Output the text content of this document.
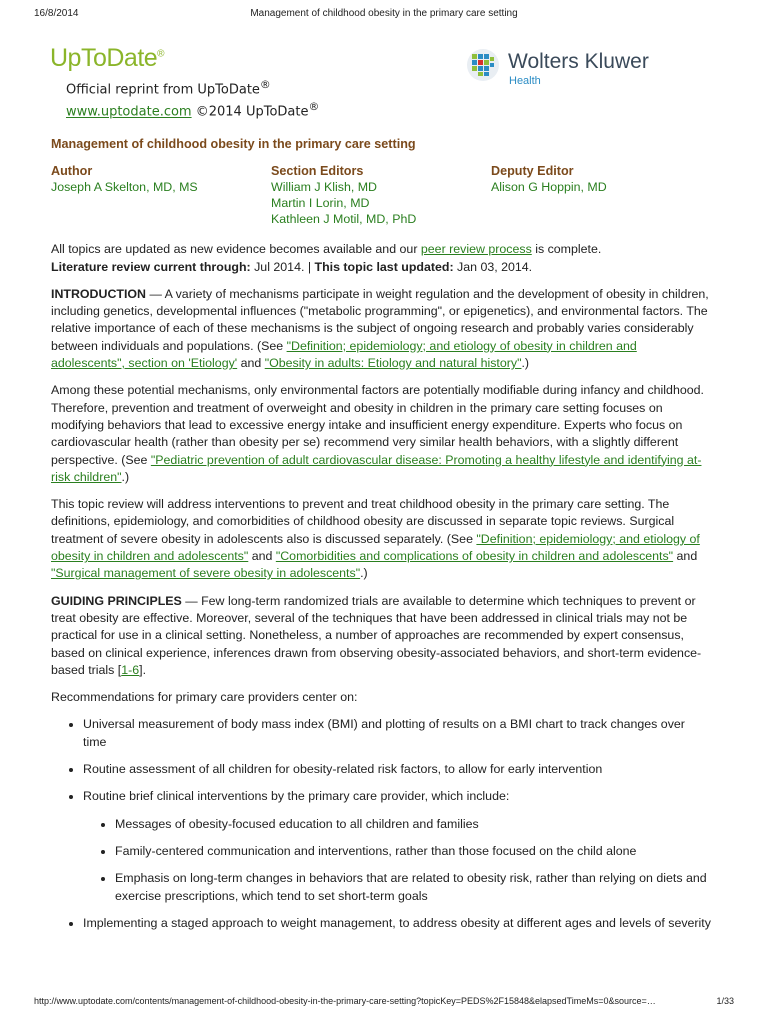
16/8/2014	Management of childhood obesity in the primary care setting
UpToDate®
Official reprint from UpToDate®
www.uptodate.com ©2014 UpToDate®
Wolters Kluwer
Health
Management of childhood obesity in the primary care setting
Author
Joseph A Skelton, MD, MS
Section Editors
William J Klish, MD
Martin I Lorin, MD
Kathleen J Motil, MD, PhD
Deputy Editor
Alison G Hoppin, MD

All topics are updated as new evidence becomes available and our peer review process is complete.
Literature review current through: Jul 2014. | This topic last updated: Jan 03, 2014.

INTRODUCTION — A variety of mechanisms participate in weight regulation and the development of obesity in children, including genetics, developmental influences ("metabolic programming", or epigenetics), and environmental factors. The relative importance of each of these mechanisms is the subject of ongoing research and probably varies considerably between individuals and populations. (See "Definition; epidemiology; and etiology of obesity in children and adolescents", section on 'Etiology' and "Obesity in adults: Etiology and natural history".)

Among these potential mechanisms, only environmental factors are potentially modifiable during infancy and childhood. Therefore, prevention and treatment of overweight and obesity in children in the primary care setting focuses on modifying behaviors that lead to excessive energy intake and insufficient energy expenditure. Experts who focus on cardiovascular health (rather than obesity per se) recommend very similar health behaviors, with a slightly different perspective. (See "Pediatric prevention of adult cardiovascular disease: Promoting a healthy lifestyle and identifying at-risk children".)

This topic review will address interventions to prevent and treat childhood obesity in the primary care setting. The definitions, epidemiology, and comorbidities of childhood obesity are discussed in separate topic reviews. Surgical treatment of severe obesity in adolescents also is discussed separately. (See "Definition; epidemiology; and etiology of obesity in children and adolescents" and "Comorbidities and complications of obesity in children and adolescents" and "Surgical management of severe obesity in adolescents".)

GUIDING PRINCIPLES — Few long-term randomized trials are available to determine which techniques to prevent or treat obesity are effective. Moreover, several of the techniques that have been addressed in clinical trials may not be practical for use in a clinical setting. Nonetheless, a number of approaches are recommended by expert consensus, based on clinical experience, inferences drawn from observing obesity-associated behaviors, and short-term evidence-based trials [1-6].

Recommendations for primary care providers center on:

• Universal measurement of body mass index (BMI) and plotting of results on a BMI chart to track changes over time
• Routine assessment of all children for obesity-related risk factors, to allow for early intervention
• Routine brief clinical interventions by the primary care provider, which include:
• Messages of obesity-focused education to all children and families
• Family-centered communication and interventions, rather than those focused on the child alone
• Emphasis on long-term changes in behaviors that are related to obesity risk, rather than relying on diets and exercise prescriptions, which tend to set short-term goals
• Implementing a staged approach to weight management, to address obesity at different ages and levels of severity
http://www.uptodate.com/contents/management-of-childhood-obesity-in-the-primary-care-setting?topicKey=PEDS%2F15848&elapsedTimeMs=0&source=…	1/33
